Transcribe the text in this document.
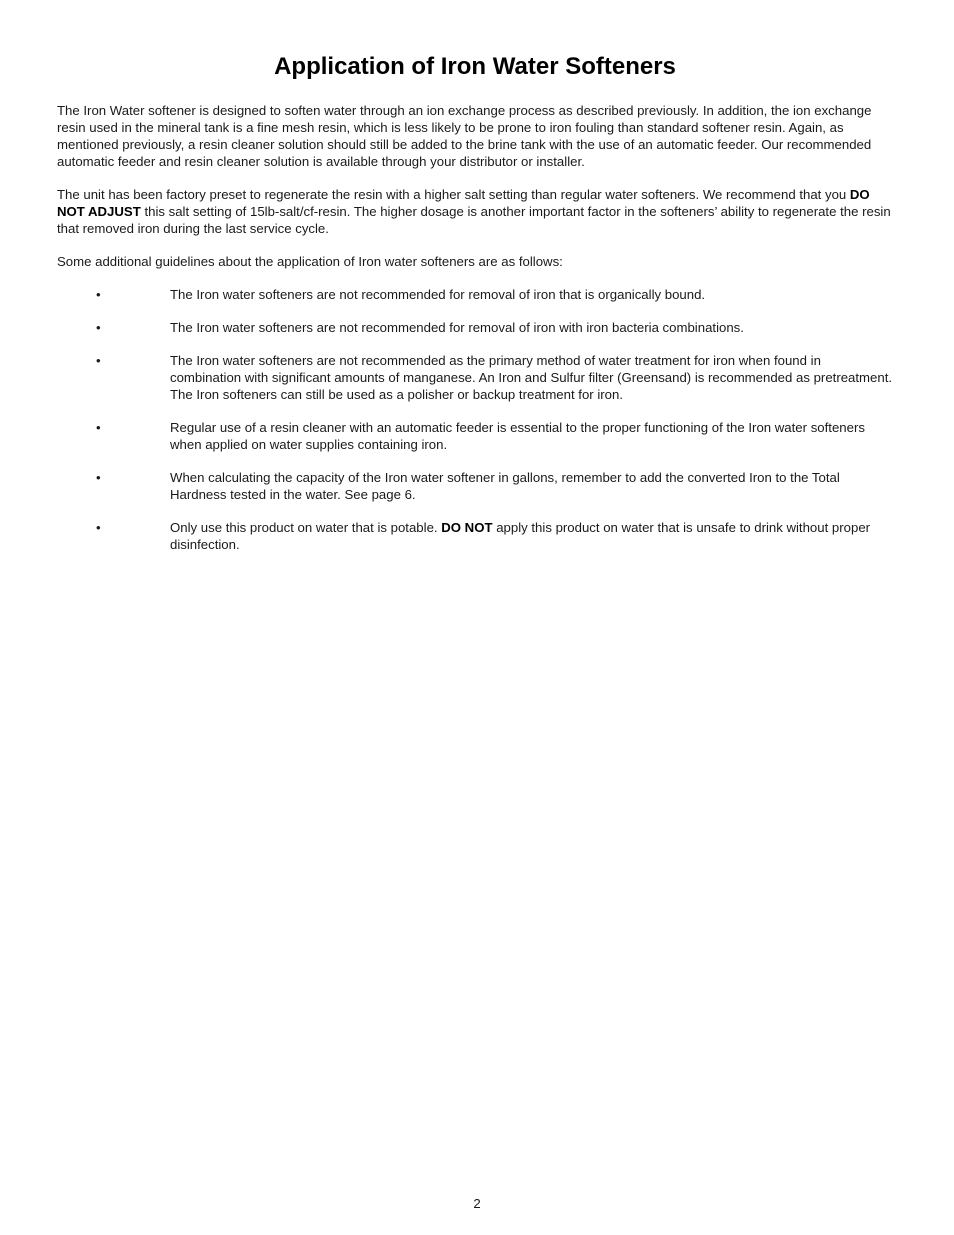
Application of Iron Water Softeners

The Iron Water softener is designed to soften water through an ion exchange process as described previously. In addition, the ion exchange resin used in the mineral tank is a fine mesh resin, which is less likely to be prone to iron fouling than standard softener resin. Again, as mentioned previously, a resin cleaner solution should still be added to the brine tank with the use of an automatic feeder. Our recommended automatic feeder and resin cleaner solution is available through your distributor or installer.

The unit has been factory preset to regenerate the resin with a higher salt setting than regular water softeners. We recommend that you DO NOT ADJUST this salt setting of 15lb-salt/cf-resin. The higher dosage is another important factor in the softeners’ ability to regenerate the resin that removed iron during the last service cycle.

Some additional guidelines about the application of Iron water softeners are as follows:

•	The Iron water softeners are not recommended for removal of iron that is organically bound.
•	The Iron water softeners are not recommended for removal of iron with iron bacteria combinations.
•	The Iron water softeners are not recommended as the primary method of water treatment for iron when found in combination with significant amounts of manganese. An Iron and Sulfur filter (Greensand) is recommended as pretreatment. The Iron softeners can still be used as a polisher or backup treatment for iron.
•	Regular use of a resin cleaner with an automatic feeder is essential to the proper functioning of the Iron water softeners when applied on water supplies containing iron.
•	When calculating the capacity of the Iron water softener in gallons, remember to add the converted Iron to the Total Hardness tested in the water. See page 6.
•	Only use this product on water that is potable. DO NOT apply this product on water that is unsafe to drink without proper disinfection.
2
